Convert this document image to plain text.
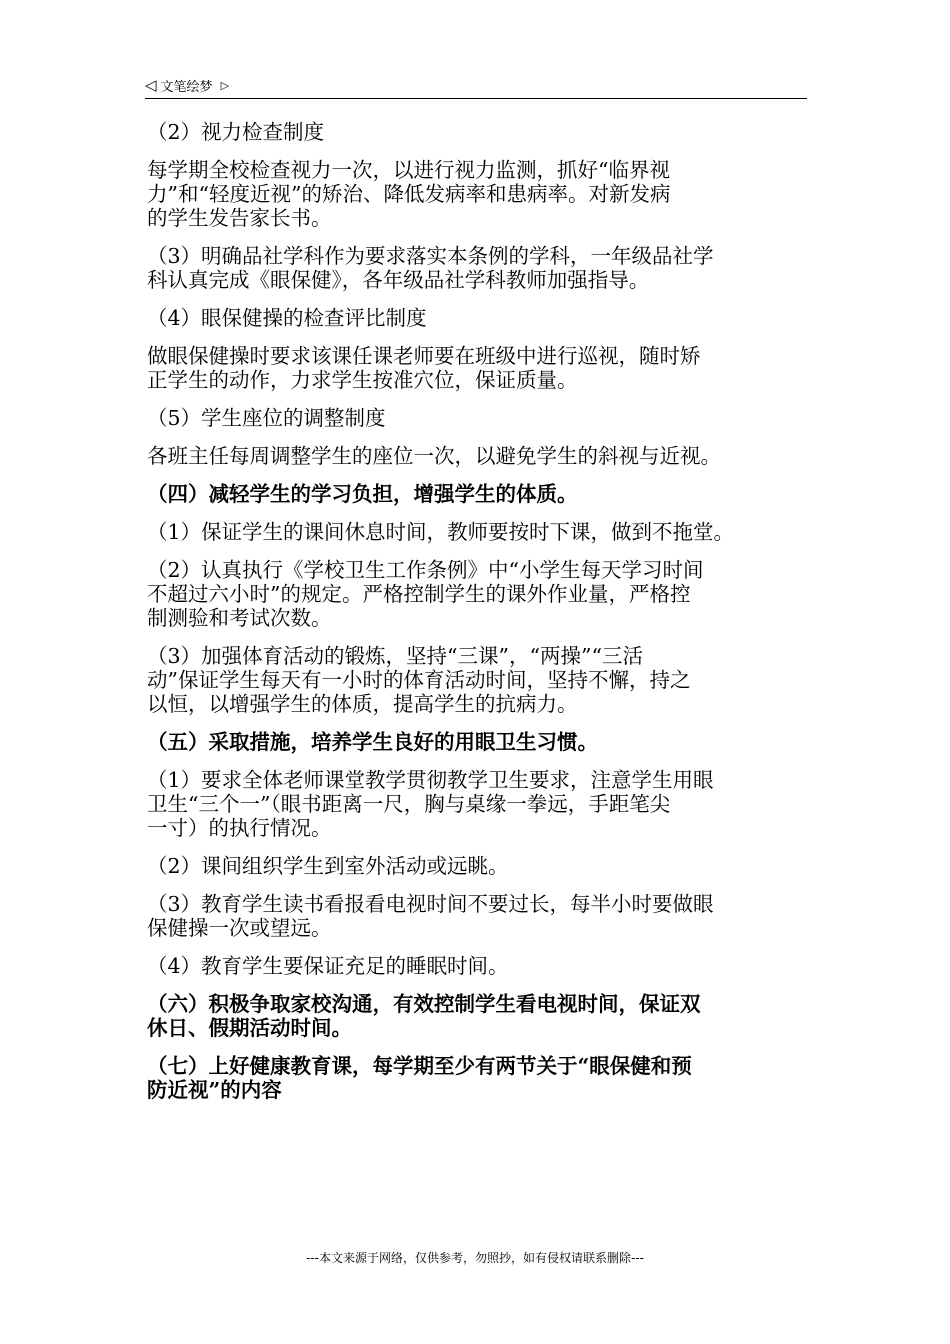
◁ 文笔绘梦 ▷

（2）视力检查制度

每学期全校检查视力一次，以进行视力监测，抓好“临界视
力”和“轻度近视”的矫治、降低发病率和患病率。对新发病
的学生发告家长书。

（3）明确品社学科作为要求落实本条例的学科，一年级品社学
科认真完成《眼保健》，各年级品社学科教师加强指导。

（4）眼保健操的检查评比制度

做眼保健操时要求该课任课老师要在班级中进行巡视，随时矫
正学生的动作，力求学生按准穴位，保证质量。

（5）学生座位的调整制度

各班主任每周调整学生的座位一次，以避免学生的斜视与近视。

（四）减轻学生的学习负担，增强学生的体质。

（1）保证学生的课间休息时间，教师要按时下课，做到不拖堂。

（2）认真执行《学校卫生工作条例》中“小学生每天学习时间
不超过六小时”的规定。严格控制学生的课外作业量，严格控
制测验和考试次数。

（3）加强体育活动的锻炼，坚持“三课”，“两操”“三活
动”保证学生每天有一小时的体育活动时间，坚持不懈，持之
以恒，以增强学生的体质，提高学生的抗病力。

（五）采取措施，培养学生良好的用眼卫生习惯。

（1）要求全体老师课堂教学贯彻教学卫生要求，注意学生用眼
卫生“三个一”（眼书距离一尺，胸与桌缘一拳远，手距笔尖
一寸）的执行情况。

（2）课间组织学生到室外活动或远眺。

（3）教育学生读书看报看电视时间不要过长，每半小时要做眼
保健操一次或望远。

（4）教育学生要保证充足的睡眠时间。

（六）积极争取家校沟通，有效控制学生看电视时间，保证双
休日、假期活动时间。

（七）上好健康教育课，每学期至少有两节关于“眼保健和预
防近视”的内容

---本文来源于网络，仅供参考，勿照抄，如有侵权请联系删除---
